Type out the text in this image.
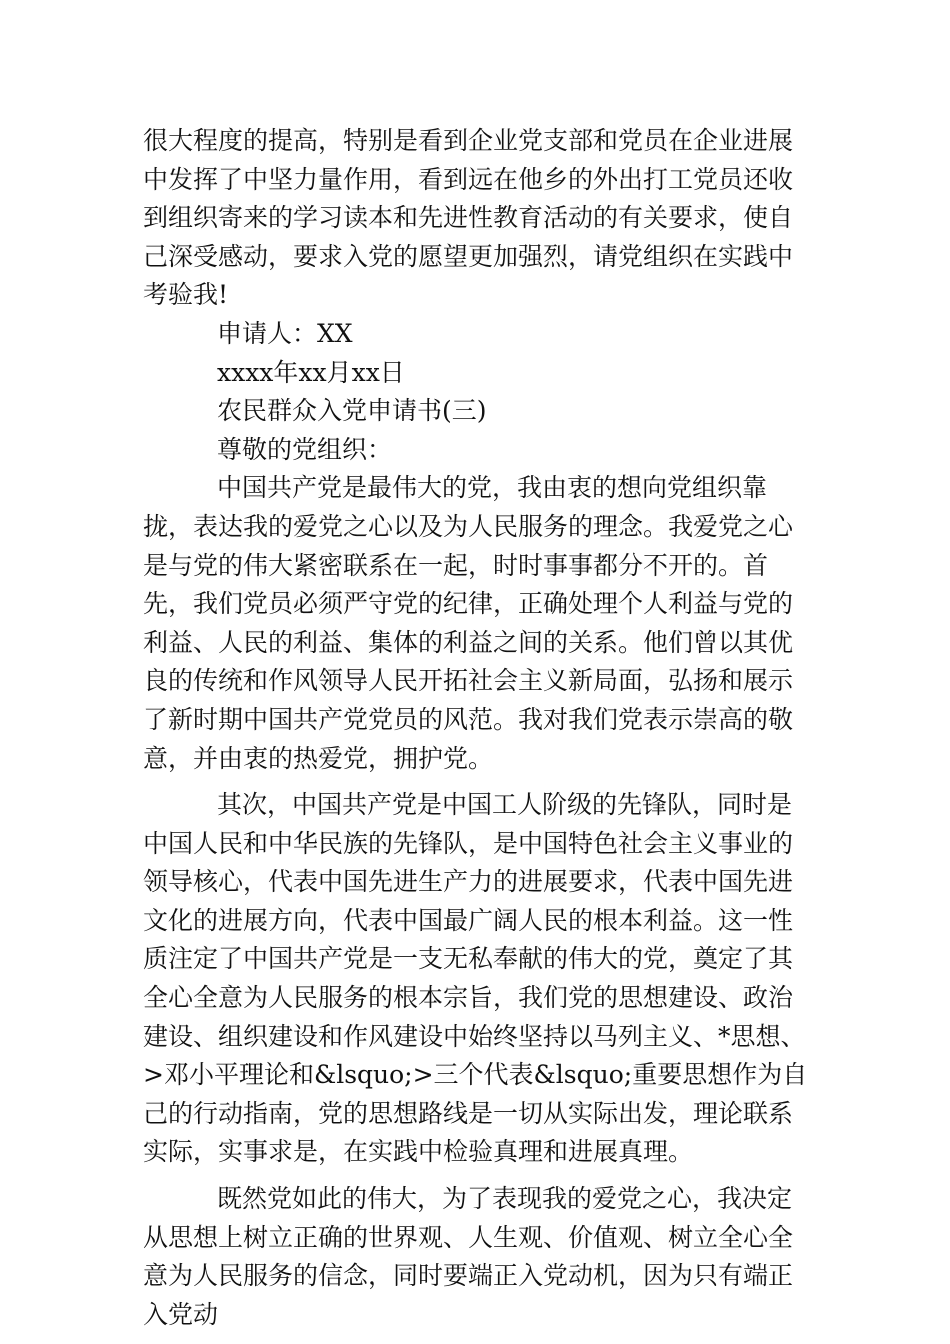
很大程度的提高，特别是看到企业党支部和党员在企业进展中发挥了中坚力量作用，看到远在他乡的外出打工党员还收到组织寄来的学习读本和先进性教育活动的有关要求，使自己深受感动，要求入党的愿望更加强烈，请党组织在实践中考验我!

申请人：XX

xxxx年xx月xx日

农民群众入党申请书(三)

尊敬的党组织：

中国共产党是最伟大的党，我由衷的想向党组织靠拢，表达我的爱党之心以及为人民服务的理念。我爱党之心是与党的伟大紧密联系在一起，时时事事都分不开的。首先，我们党员必须严守党的纪律，正确处理个人利益与党的利益、人民的利益、集体的利益之间的关系。他们曾以其优良的传统和作风领导人民开拓社会主义新局面，弘扬和展示了新时期中国共产党党员的风范。我对我们党表示崇高的敬意，并由衷的热爱党，拥护党。

其次，中国共产党是中国工人阶级的先锋队，同时是中国人民和中华民族的先锋队，是中国特色社会主义事业的领导核心，代表中国先进生产力的进展要求，代表中国先进文化的进展方向，代表中国最广阔人民的根本利益。这一性质注定了中国共产党是一支无私奉献的伟大的党，奠定了其全心全意为人民服务的根本宗旨，我们党的思想建设、政治建设、组织建设和作风建设中始终坚持以马列主义、*思想、>邓小平理论和&lsquo;>三个代表&lsquo;重要思想作为自己的行动指南，党的思想路线是一切从实际出发，理论联系实际，实事求是，在实践中检验真理和进展真理。

既然党如此的伟大，为了表现我的爱党之心，我决定从思想上树立正确的世界观、人生观、价值观、树立全心全意为人民服务的信念，同时要端正入党动机，因为只有端正入党动
